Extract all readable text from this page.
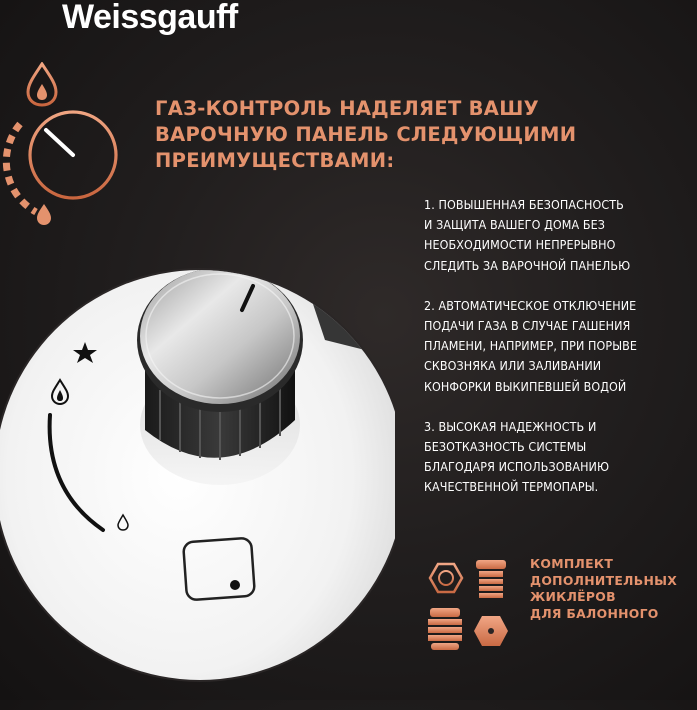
Weissgauff
ГАЗ-КОНТРОЛЬ НАДЕЛЯЕТ ВАШУ
ВАРОЧНУЮ ПАНЕЛЬ СЛЕДУЮЩИМИ
ПРЕИМУЩЕСТВАМИ:
1. ПОВЫШЕННАЯ БЕЗОПАСНОСТЬ
И ЗАЩИТА ВАШЕГО ДОМА БЕЗ
НЕОБХОДИМОСТИ НЕПРЕРЫВНО
СЛЕДИТЬ ЗА ВАРОЧНОЙ ПАНЕЛЬЮ
2. АВТОМАТИЧЕСКОЕ ОТКЛЮЧЕНИЕ
ПОДАЧИ ГАЗА В СЛУЧАЕ ГАШЕНИЯ
ПЛАМЕНИ, НАПРИМЕР, ПРИ ПОРЫВЕ
СКВОЗНЯКА ИЛИ ЗАЛИВАНИИ
КОНФОРКИ ВЫКИПЕВШЕЙ ВОДОЙ
3. ВЫСОКАЯ НАДЕЖНОСТЬ И
БЕЗОТКАЗНОСТЬ СИСТЕМЫ
БЛАГОДАРЯ ИСПОЛЬЗОВАНИЮ
КАЧЕСТВЕННОЙ ТЕРМОПАРЫ.
КОМПЛЕКТ
ДОПОЛНИТЕЛЬНЫХ
ЖИКЛЁРОВ
ДЛЯ БАЛОННОГО
